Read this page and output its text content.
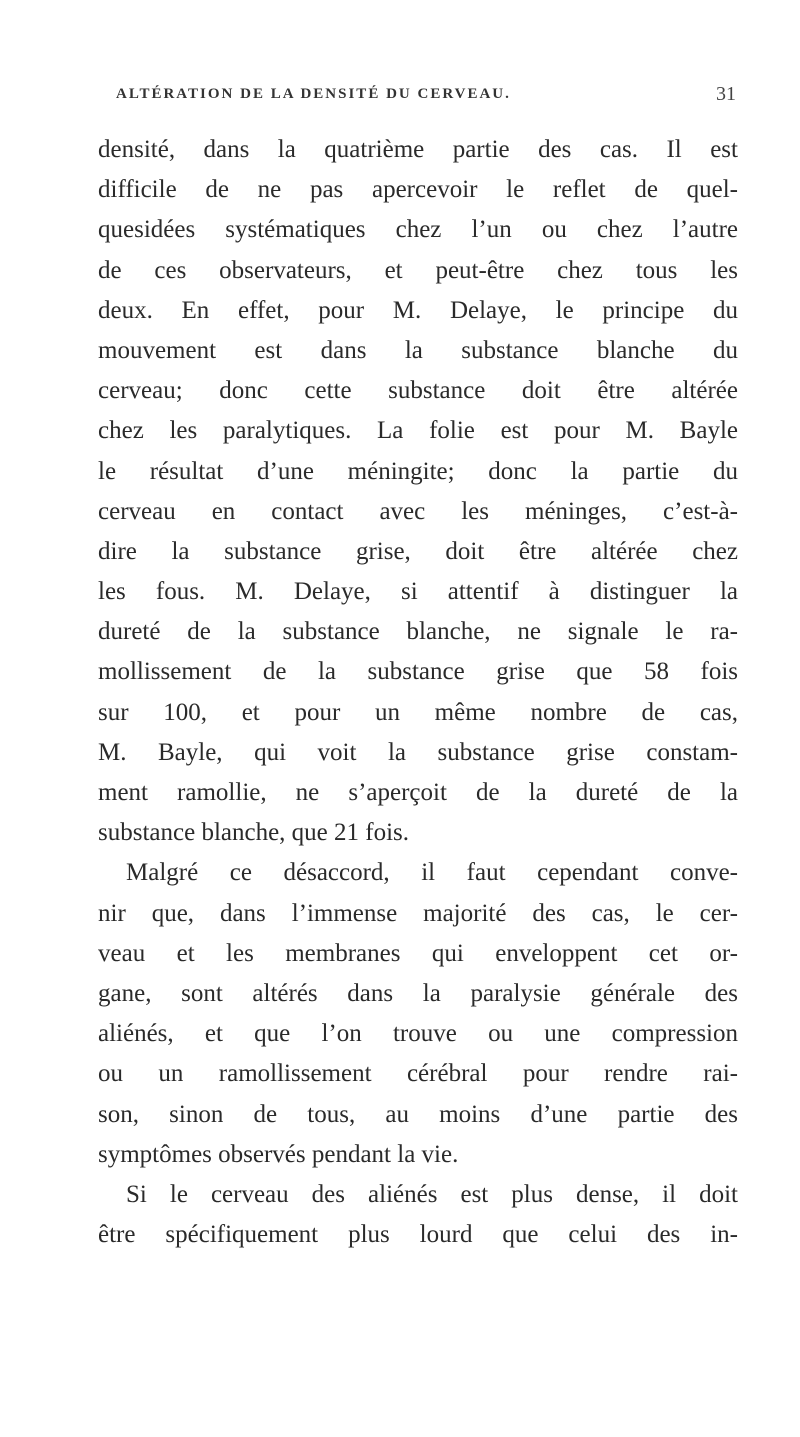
ALTÉRATION DE LA DENSITÉ DU CERVEAU.	31
densité, dans la quatrième partie des cas. Il est
difficile de ne pas apercevoir le reflet de quel-
quesidées systématiques chez l’un ou chez l’autre
de ces observateurs, et peut-être chez tous les
deux. En effet, pour M. Delaye, le principe du
mouvement est dans la substance blanche du
cerveau; donc cette substance doit être altérée
chez les paralytiques. La folie est pour M. Bayle
le résultat d’une méningite; donc la partie du
cerveau en contact avec les méninges, c’est-à-
dire la substance grise, doit être altérée chez
les fous. M. Delaye, si attentif à distinguer la
dureté de la substance blanche, ne signale le ra-
mollissement de la substance grise que 58 fois
sur 100, et pour un même nombre de cas,
M. Bayle, qui voit la substance grise constam-
ment ramollie, ne s’aperçoit de la dureté de la
substance blanche, que 21 fois.
Malgré ce désaccord, il faut cependant conve-
nir que, dans l’immense majorité des cas, le cer-
veau et les membranes qui enveloppent cet or-
gane, sont altérés dans la paralysie générale des
aliénés, et que l’on trouve ou une compression
ou un ramollissement cérébral pour rendre rai-
son, sinon de tous, au moins d’une partie des
symptômes observés pendant la vie.
Si le cerveau des aliénés est plus dense, il doit
être spécifiquement plus lourd que celui des in-
